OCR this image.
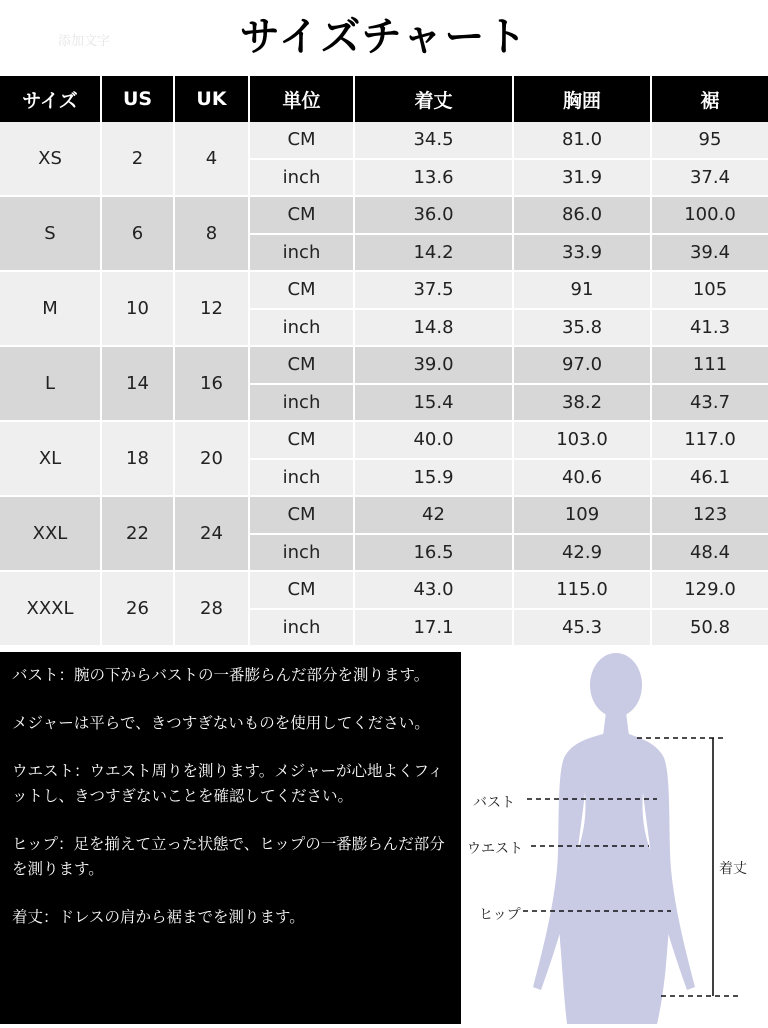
サイズチャート
添加文字
サイズ	US	UK	単位	着丈	胸囲	裾
XS	2	4	CM	34.5	81.0	95
			inch	13.6	31.9	37.4
S	6	8	CM	36.0	86.0	100.0
			inch	14.2	33.9	39.4
M	10	12	CM	37.5	91	105
			inch	14.8	35.8	41.3
L	14	16	CM	39.0	97.0	111
			inch	15.4	38.2	43.7
XL	18	20	CM	40.0	103.0	117.0
			inch	15.9	40.6	46.1
XXL	22	24	CM	42	109	123
			inch	16.5	42.9	48.4
XXXL	26	28	CM	43.0	115.0	129.0
			inch	17.1	45.3	50.8

バスト：腕の下からバストの一番膨らんだ部分を測ります。

メジャーは平らで、きつすぎないものを使用してください。

ウエスト：ウエスト周りを測ります。メジャーが心地よくフィットし、きつすぎないことを確認してください。

ヒップ：足を揃えて立った状態で、ヒップの一番膨らんだ部分を測ります。

着丈：ドレスの肩から裾までを測ります。

バスト
ウエスト
ヒップ
着丈
